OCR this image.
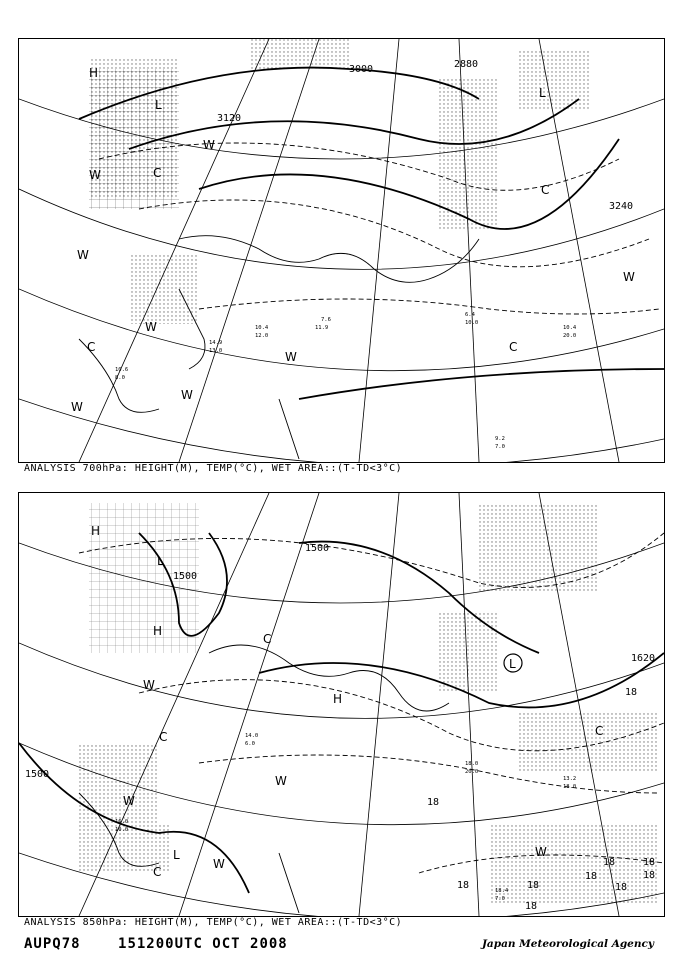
3000	2880
3120
3240
H
L
L
W
W
W
W
W
W
W
W
C
C
C
C
9.2
7.0
6.4
10.0
10.4
20.0
7.6
11.9
10.4
12.0
14.9
13.0
10.6
8.0
ANALYSIS 700hPa: HEIGHT(M), TEMP(°C), WET AREA::(T-TD<3°C)
1500
1500
1500
1620
18
18
18	18
18
18
18	18
18
18
H
L
H
W
C
W
W
L
C
W
H
L
C
W
C
18.0
20.0
13.2
18.0
18.4
7.0
14.0
6.0
16.0
10.0
ANALYSIS 850hPa: HEIGHT(M), TEMP(°C), WET AREA::(T-TD<3°C)
AUPQ78	151200UTC OCT 2008	Japan Meteorological Agency
